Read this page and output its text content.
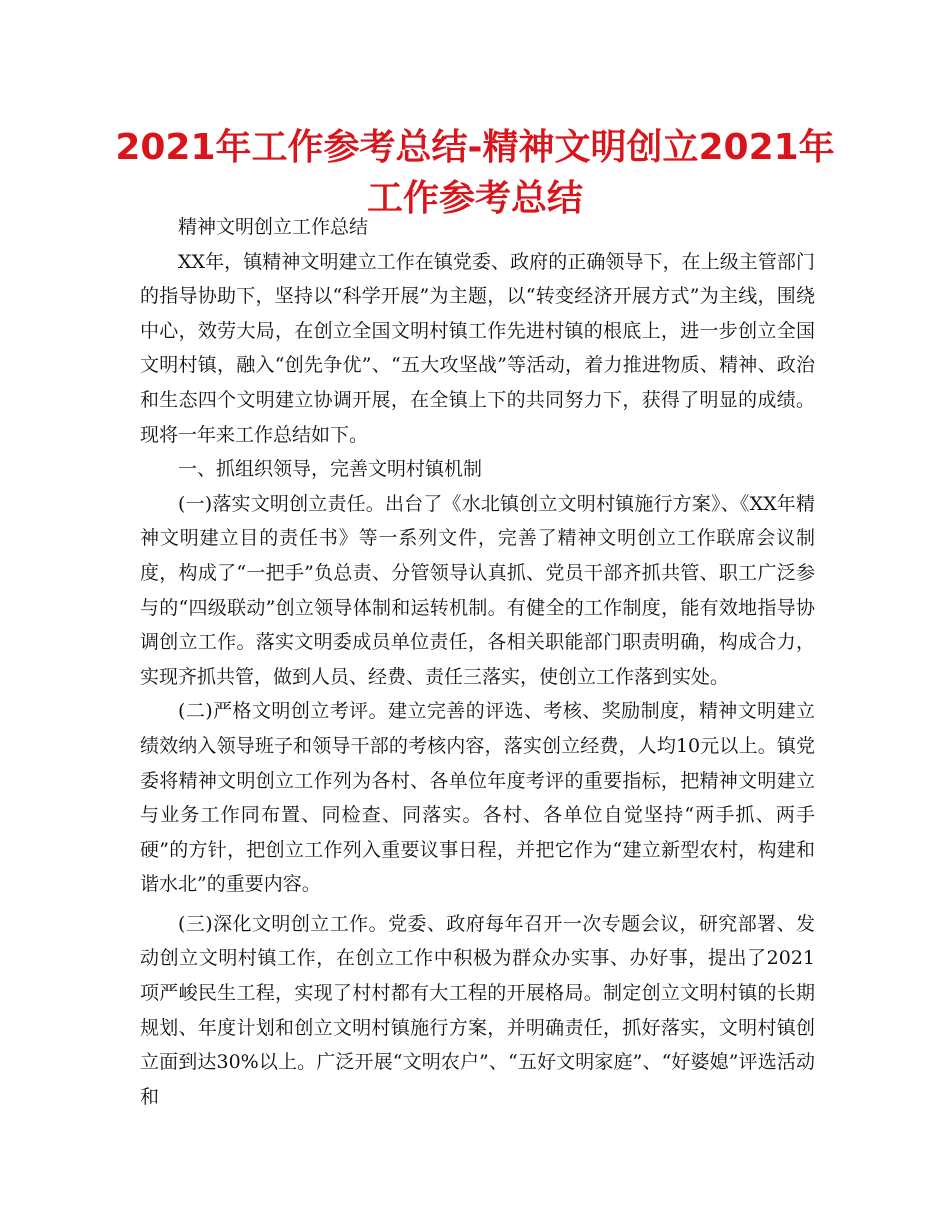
2021年工作参考总结-精神文明创立2021年工作参考总结

精神文明创立工作总结

XX年，镇精神文明建立工作在镇党委、政府的正确领导下，在上级主管部门的指导协助下，坚持以“科学开展”为主题，以“转变经济开展方式”为主线，围绕中心，效劳大局，在创立全国文明村镇工作先进村镇的根底上，进一步创立全国文明村镇，融入“创先争优”、“五大攻坚战”等活动，着力推进物质、精神、政治和生态四个文明建立协调开展，在全镇上下的共同努力下，获得了明显的成绩。现将一年来工作总结如下。

一、抓组织领导，完善文明村镇机制

(一)落实文明创立责任。出台了《水北镇创立文明村镇施行方案》、《XX年精神文明建立目的责任书》等一系列文件，完善了精神文明创立工作联席会议制度，构成了“一把手”负总责、分管领导认真抓、党员干部齐抓共管、职工广泛参与的“四级联动”创立领导体制和运转机制。有健全的工作制度，能有效地指导协调创立工作。落实文明委成员单位责任，各相关职能部门职责明确，构成合力，实现齐抓共管，做到人员、经费、责任三落实，使创立工作落到实处。

(二)严格文明创立考评。建立完善的评选、考核、奖励制度，精神文明建立绩效纳入领导班子和领导干部的考核内容，落实创立经费，人均10元以上。镇党委将精神文明创立工作列为各村、各单位年度考评的重要指标，把精神文明建立与业务工作同布置、同检查、同落实。各村、各单位自觉坚持“两手抓、两手硬”的方针，把创立工作列入重要议事日程，并把它作为“建立新型农村，构建和谐水北”的重要内容。

(三)深化文明创立工作。党委、政府每年召开一次专题会议，研究部署、发动创立文明村镇工作，在创立工作中积极为群众办实事、办好事，提出了2021项严峻民生工程，实现了村村都有大工程的开展格局。制定创立文明村镇的长期规划、年度计划和创立文明村镇施行方案，并明确责任，抓好落实，文明村镇创立面到达30%以上。广泛开展“文明农户”、“五好文明家庭”、“好婆媳”评选活动和
